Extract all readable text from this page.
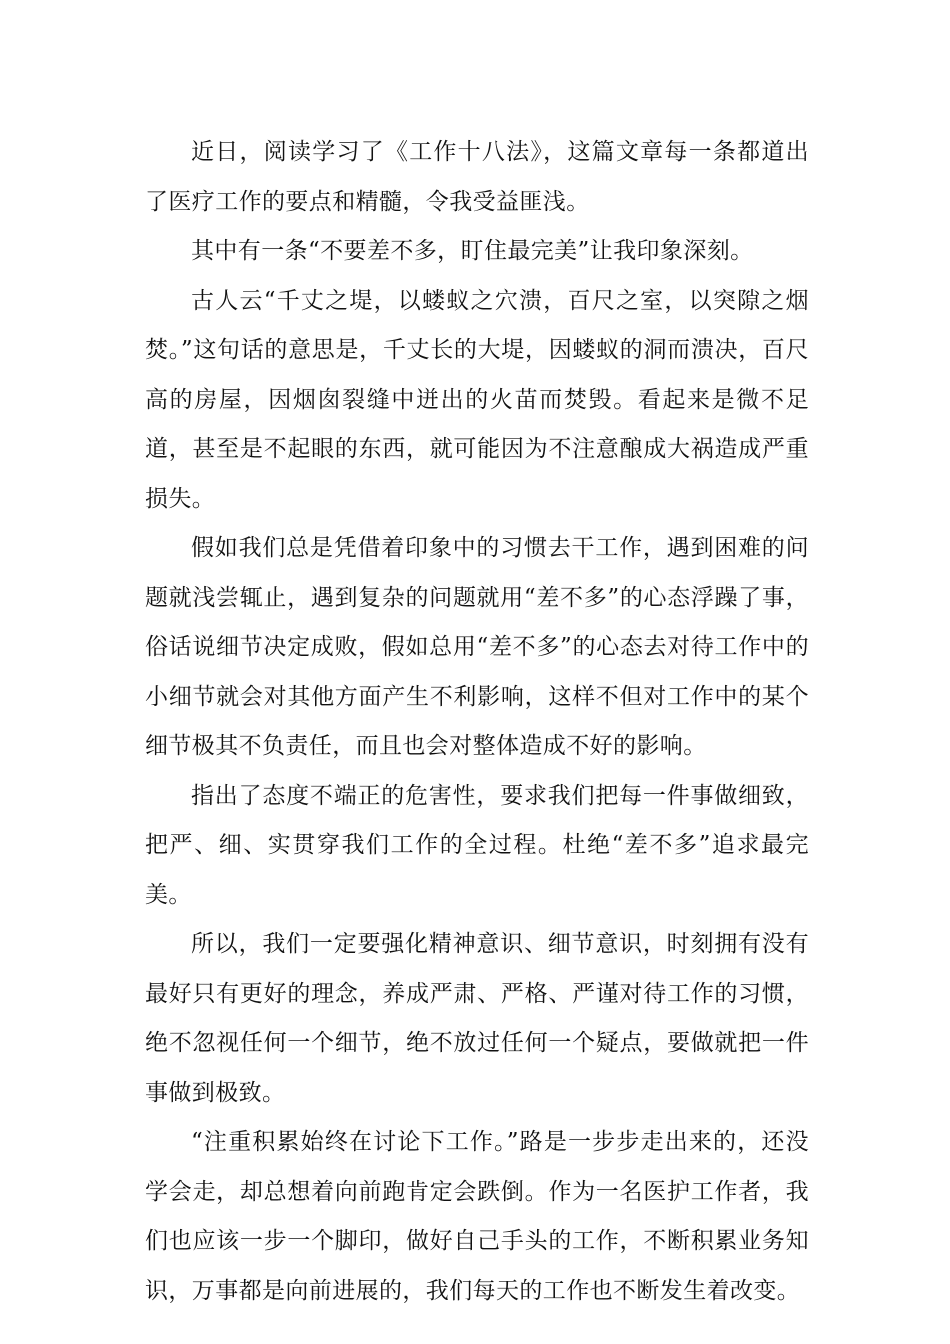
近日，阅读学习了《工作十八法》，这篇文章每一条都道出了医疗工作的要点和精髓，令我受益匪浅。

其中有一条“不要差不多，盯住最完美”让我印象深刻。

古人云“千丈之堤，以蝼蚁之穴溃，百尺之室，以突隙之烟焚。”这句话的意思是，千丈长的大堤，因蝼蚁的洞而溃决，百尺高的房屋，因烟囱裂缝中迸出的火苗而焚毁。看起来是微不足道，甚至是不起眼的东西，就可能因为不注意酿成大祸造成严重损失。

假如我们总是凭借着印象中的习惯去干工作，遇到困难的问题就浅尝辄止，遇到复杂的问题就用“差不多”的心态浮躁了事，俗话说细节决定成败，假如总用“差不多”的心态去对待工作中的小细节就会对其他方面产生不利影响，这样不但对工作中的某个细节极其不负责任，而且也会对整体造成不好的影响。

指出了态度不端正的危害性，要求我们把每一件事做细致，把严、细、实贯穿我们工作的全过程。杜绝“差不多”追求最完美。

所以，我们一定要强化精神意识、细节意识，时刻拥有没有最好只有更好的理念，养成严肃、严格、严谨对待工作的习惯，绝不忽视任何一个细节，绝不放过任何一个疑点，要做就把一件事做到极致。

“注重积累始终在讨论下工作。”路是一步步走出来的，还没学会走，却总想着向前跑肯定会跌倒。作为一名医护工作者，我们也应该一步一个脚印，做好自己手头的工作，不断积累业务知识，万事都是向前进展的，我们每天的工作也不断发生着改变。
